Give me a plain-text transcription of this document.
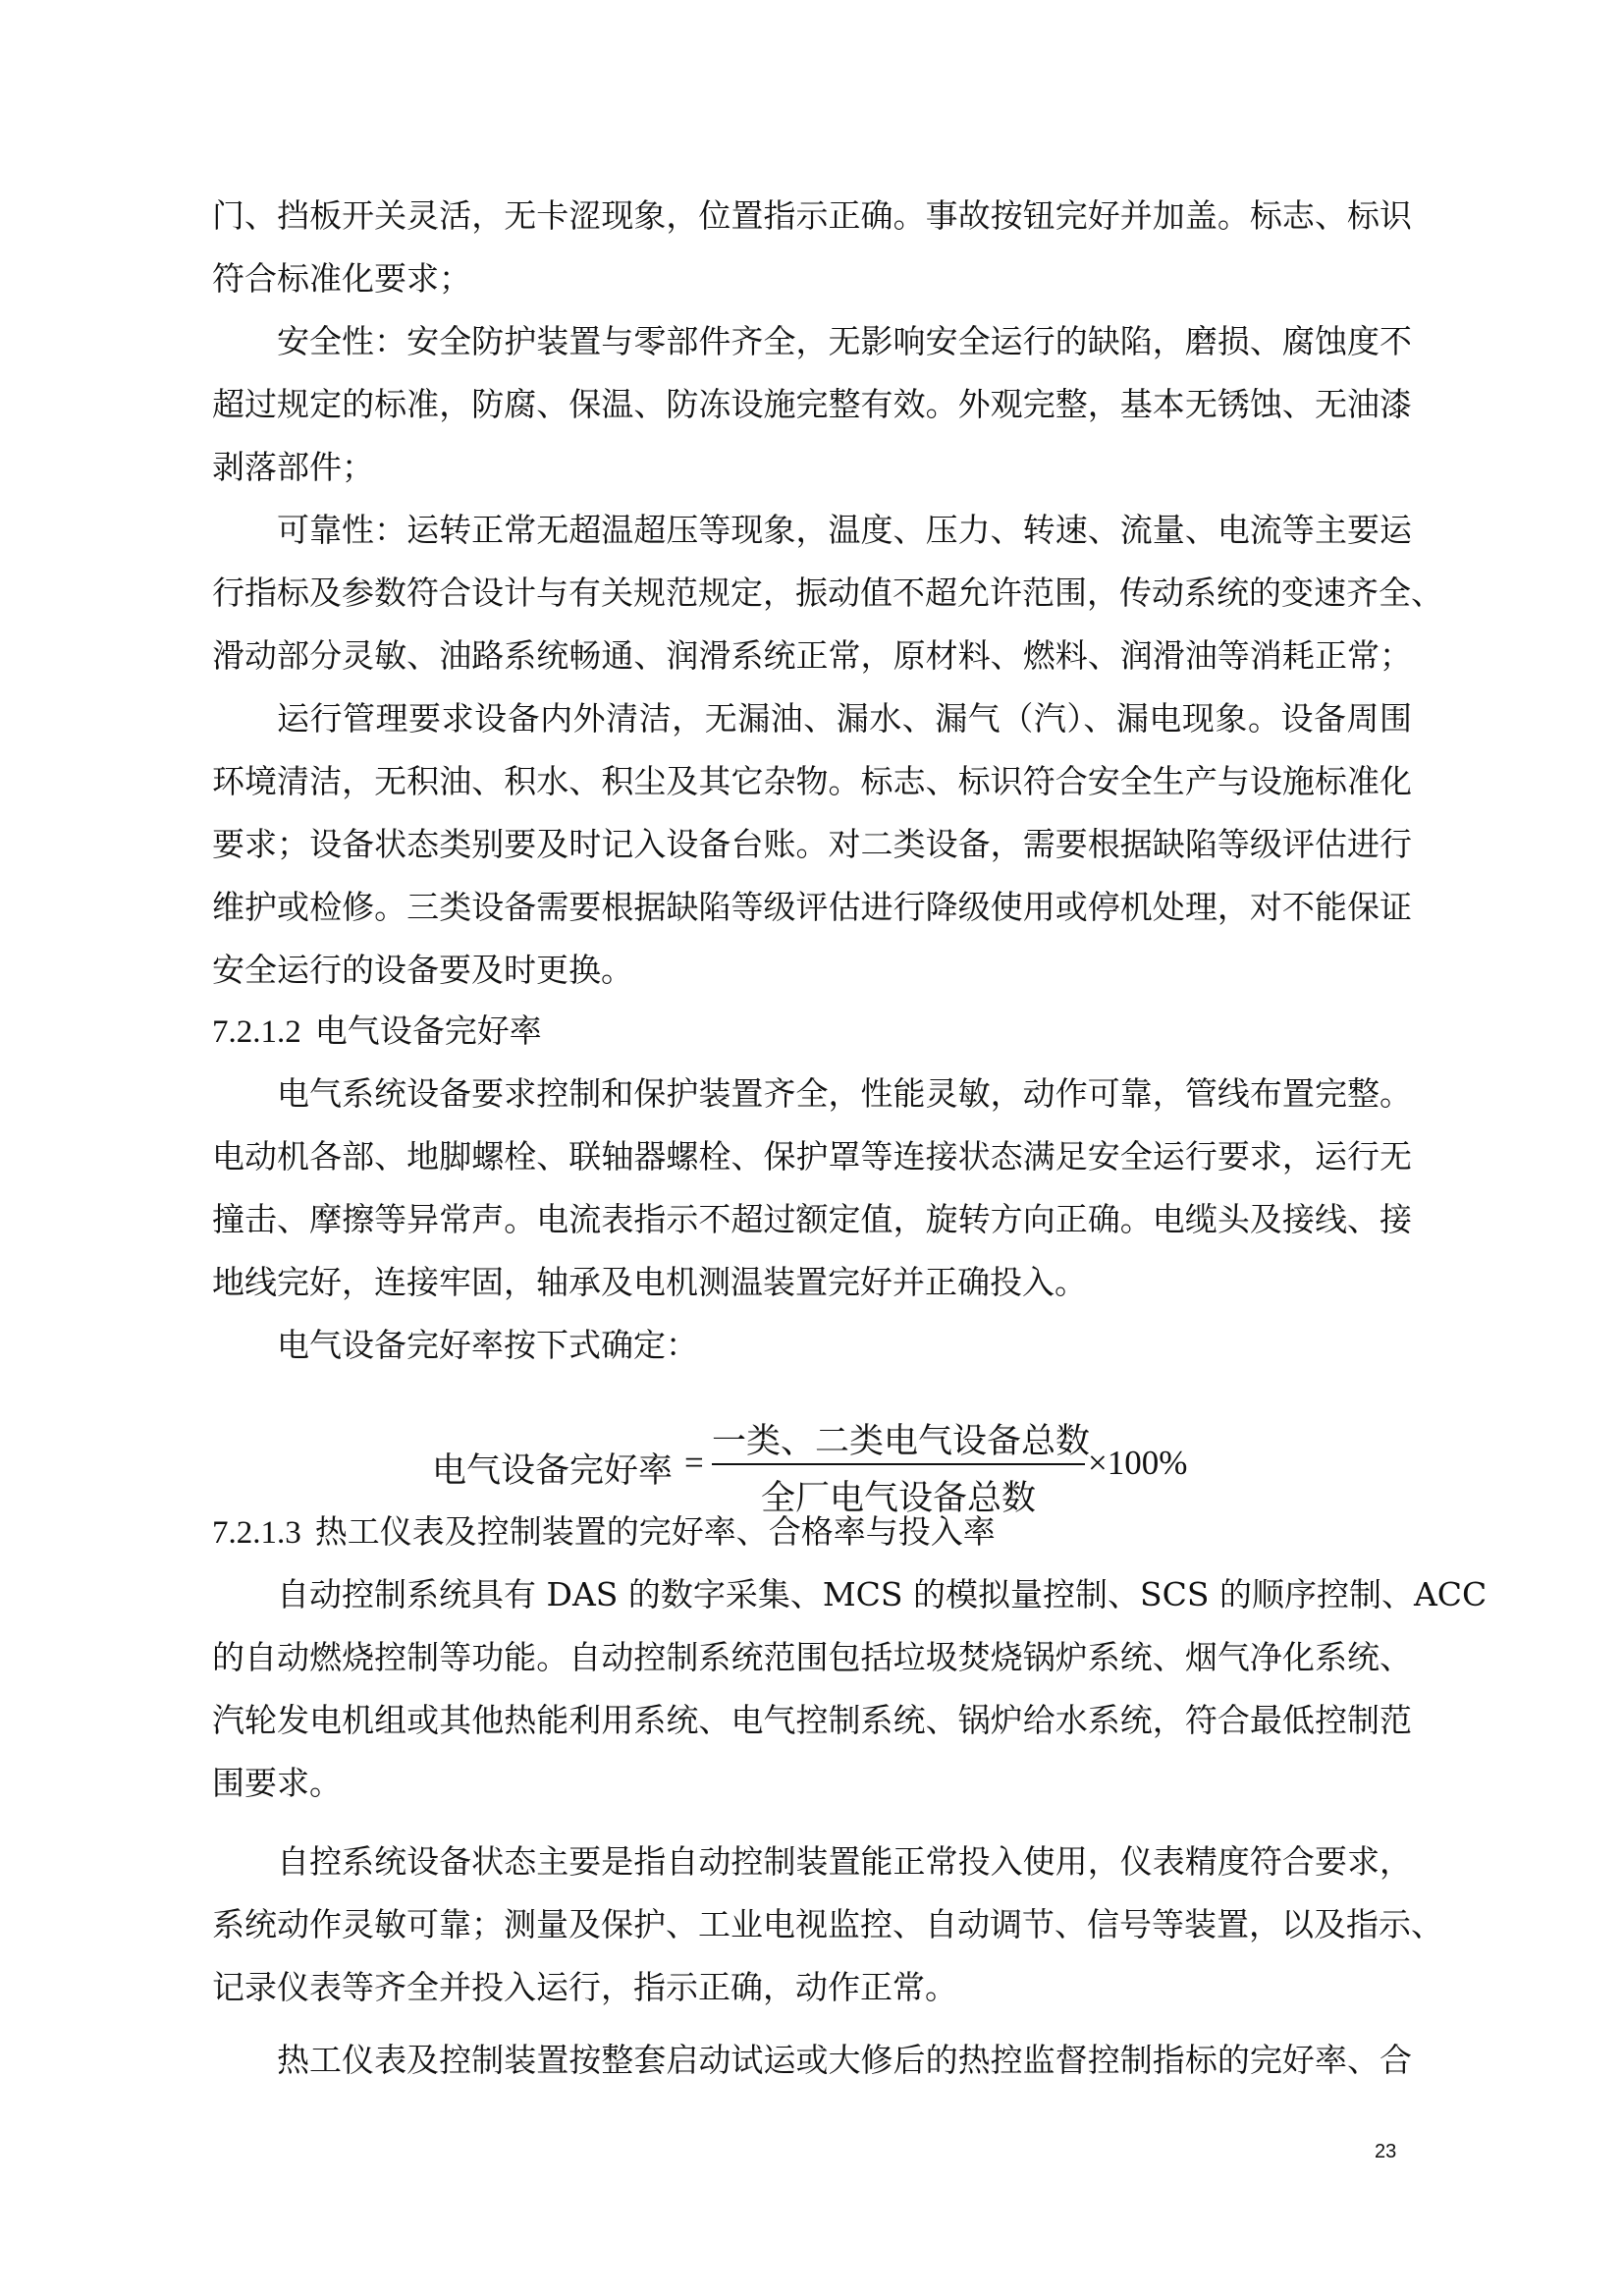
门、挡板开关灵活，无卡涩现象，位置指示正确。事故按钮完好并加盖。标志、标识
符合标准化要求；
安全性：安全防护装置与零部件齐全，无影响安全运行的缺陷，磨损、腐蚀度不
超过规定的标准，防腐、保温、防冻设施完整有效。外观完整，基本无锈蚀、无油漆
剥落部件；
可靠性：运转正常无超温超压等现象，温度、压力、转速、流量、电流等主要运
行指标及参数符合设计与有关规范规定，振动值不超允许范围，传动系统的变速齐全、
滑动部分灵敏、油路系统畅通、润滑系统正常，原材料、燃料、润滑油等消耗正常；
运行管理要求设备内外清洁，无漏油、漏水、漏气（汽）、漏电现象。设备周围
环境清洁，无积油、积水、积尘及其它杂物。标志、标识符合安全生产与设施标准化
要求；设备状态类别要及时记入设备台账。对二类设备，需要根据缺陷等级评估进行
维护或检修。三类设备需要根据缺陷等级评估进行降级使用或停机处理，对不能保证
安全运行的设备要及时更换。
7.2.1.2 电气设备完好率
电气系统设备要求控制和保护装置齐全，性能灵敏，动作可靠，管线布置完整。
电动机各部、地脚螺栓、联轴器螺栓、保护罩等连接状态满足安全运行要求，运行无
撞击、摩擦等异常声。电流表指示不超过额定值，旋转方向正确。电缆头及接线、接
地线完好，连接牢固，轴承及电机测温装置完好并正确投入。
电气设备完好率按下式确定：
电气设备完好率 =
一类、二类电气设备总数
全厂电气设备总数
×100%
7.2.1.3 热工仪表及控制装置的完好率、合格率与投入率
自动控制系统具有 DAS 的数字采集、MCS 的模拟量控制、SCS 的顺序控制、ACC
的自动燃烧控制等功能。自动控制系统范围包括垃圾焚烧锅炉系统、烟气净化系统、
汽轮发电机组或其他热能利用系统、电气控制系统、锅炉给水系统，符合最低控制范
围要求。
自控系统设备状态主要是指自动控制装置能正常投入使用，仪表精度符合要求，
系统动作灵敏可靠；测量及保护、工业电视监控、自动调节、信号等装置，以及指示、
记录仪表等齐全并投入运行，指示正确，动作正常。
热工仪表及控制装置按整套启动试运或大修后的热控监督控制指标的完好率、合
23
